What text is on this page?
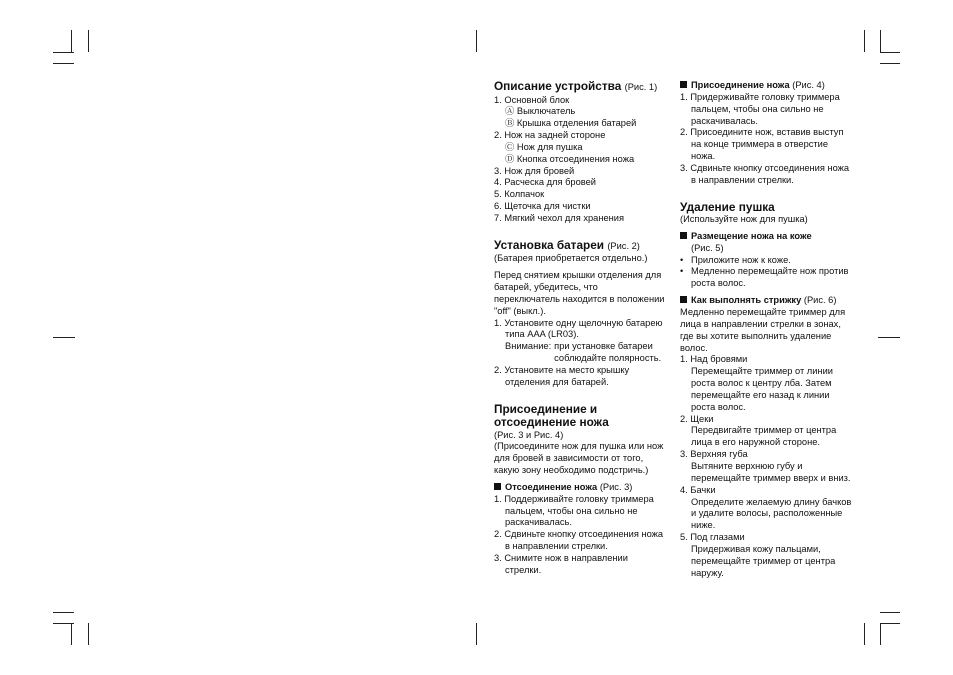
Описание устройства (Рис. 1)

1. Основной блок

Ⓐ Выключатель

Ⓑ Крышка отделения батарей

2. Нож на задней стороне

Ⓒ Нож для пушка

Ⓓ Кнопка отсоединения ножа

3. Нож для бровей

4. Расческа для бровей

5. Колпачок

6. Щеточка для чистки

7. Мягкий чехол для хранения

Установка батареи (Рис. 2)

(Батарея приобретается отдельно.)

Перед снятием крышки отделения для батарей, убедитесь, что переключатель находится в положении "off" (выкл.).

1. Установите одну щелочную батарею типа AAA (LR03).

Внимание: при установке батареи соблюдайте полярность.

2. Установите на место крышку отделения для батарей.

Присоединение и отсоединение ножа

(Рис. 3 и Рис. 4)

(Присоедините нож для пушка или нож для бровей в зависимости от того, какую зону необходимо подстричь.)

Отсоединение ножа (Рис. 3)

1. Поддерживайте головку триммера пальцем, чтобы она сильно не раскачивалась.

2. Сдвиньте кнопку отсоединения ножа в направлении стрелки.

3. Снимите нож в направлении стрелки.

Присоединение ножа (Рис. 4)

1. Придерживайте головку триммера пальцем, чтобы она сильно не раскачивалась.

2. Присоедините нож, вставив выступ на конце триммера в отверстие ножа.

3. Сдвиньте кнопку отсоединения ножа в направлении стрелки.

Удаление пушка

(Используйте нож для пушка)

Размещение ножа на коже

(Рис. 5)

•   Приложите нож к коже.

•   Медленно перемещайте нож против роста волос.

Как выполнять стрижку (Рис. 6)

Медленно перемещайте триммер для лица в направлении стрелки в зонах, где вы хотите выполнить удаление волос.

1. Над бровями

Перемещайте триммер от линии роста волос к центру лба. Затем перемещайте его назад к линии роста волос.

2. Щеки

Передвигайте триммер от центра лица в его наружной стороне.

3. Верхняя губа

Вытяните верхнюю губу и перемещайте триммер вверх и вниз.

4. Бачки

Определите желаемую длину бачков и удалите волосы, расположенные ниже.

5. Под глазами

Придерживая кожу пальцами, перемещайте триммер от центра наружу.
